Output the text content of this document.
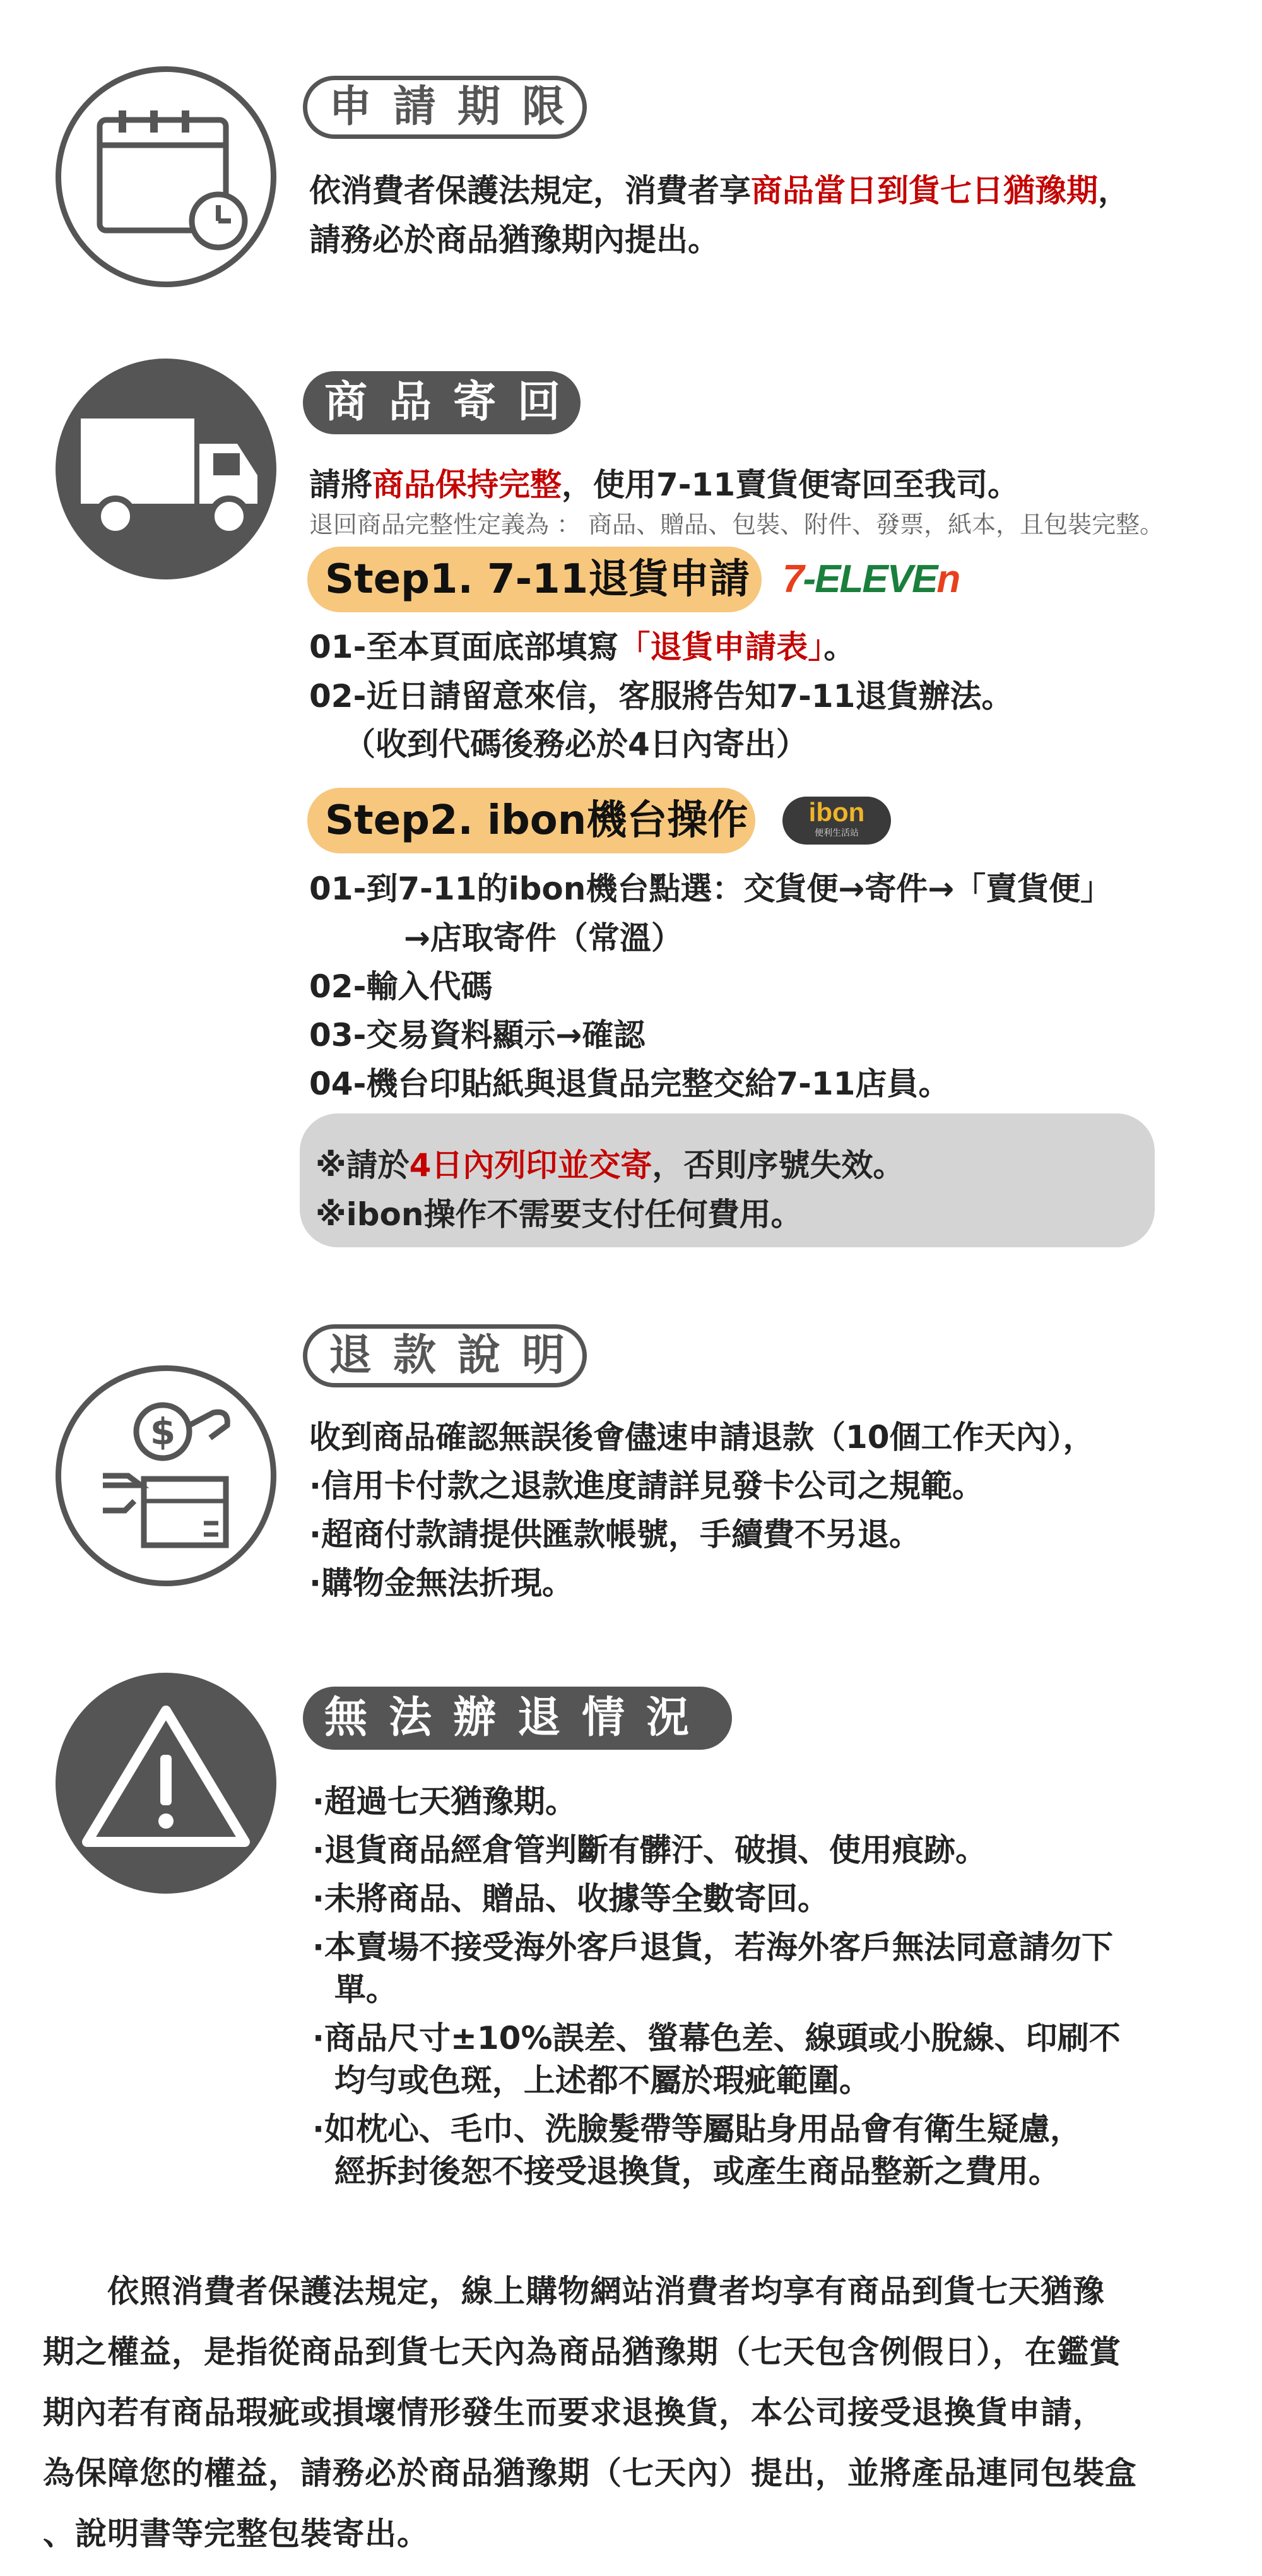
申請期限
依消費者保護法規定，消費者享商品當日到貨七日猶豫期，
請務必於商品猶豫期內提出。
商品寄回
請將商品保持完整，使用7-11賣貨便寄回至我司。
退回商品完整性定義為 ： 商品、贈品、包裝、附件、發票，紙本，且包裝完整。
Step1. 7-11退貨申請 7-ELEVEn
01-至本頁面底部填寫「退貨申請表」。
02-近日請留意來信，客服將告知7-11退貨辦法。
（收到代碼後務必於4日內寄出）
Step2. ibon機台操作	ibon
便利生活站
01-到7-11的ibon機台點選：交貨便→寄件→「賣貨便」
→店取寄件（常溫）
02-輸入代碼
03-交易資料顯示→確認
04-機台印貼紙與退貨品完整交給7-11店員。
※請於4日內列印並交寄，否則序號失效。
※ibon操作不需要支付任何費用。
$
退款說明
收到商品確認無誤後會儘速申請退款（10個工作天內），
·信用卡付款之退款進度請詳見發卡公司之規範。
·超商付款請提供匯款帳號，手續費不另退。
·購物金無法折現。
無法辦退情況
·超過七天猶豫期。
·退貨商品經倉管判斷有髒汙、破損、使用痕跡。
·未將商品、贈品、收據等全數寄回。
·本賣場不接受海外客戶退貨，若海外客戶無法同意請勿下
單。
·商品尺寸±10%誤差、螢幕色差、線頭或小脫線、印刷不
均勻或色斑，上述都不屬於瑕疵範圍。
·如枕心、毛巾、洗臉髮帶等屬貼身用品會有衛生疑慮，
經拆封後恕不接受退換貨，或產生商品整新之費用。
　　依照消費者保護法規定，線上購物網站消費者均享有商品到貨七天猶豫
期之權益，是指從商品到貨七天內為商品猶豫期（七天包含例假日），在鑑賞
期內若有商品瑕疵或損壞情形發生而要求退換貨，本公司接受退換貨申請，
為保障您的權益，請務必於商品猶豫期（七天內）提出，並將產品連同包裝盒
、說明書等完整包裝寄出。
